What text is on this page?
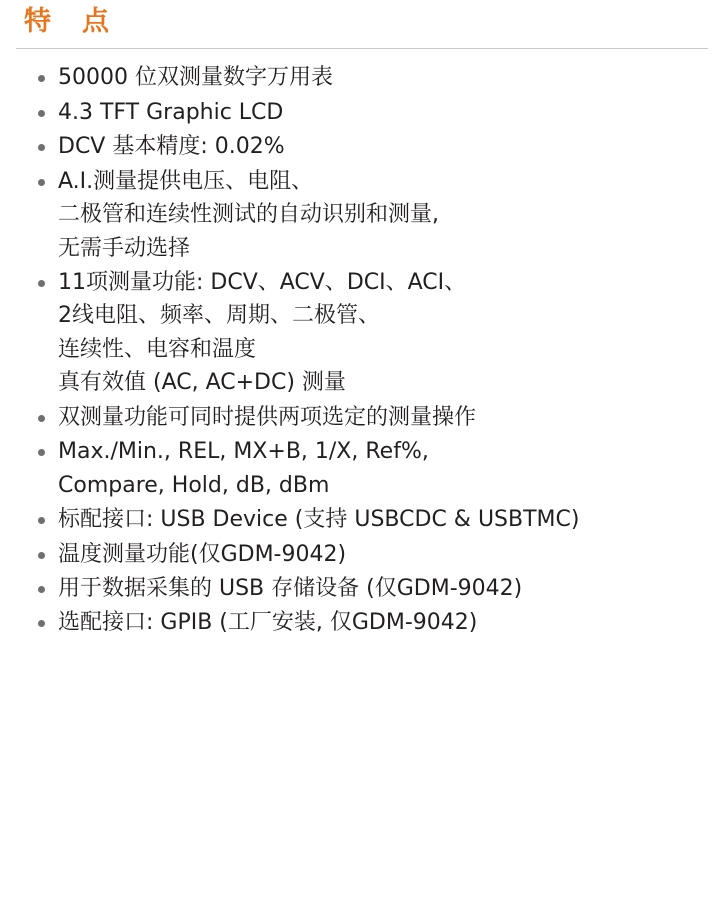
特　点
50000 位双测量数字万用表
4.3 TFT Graphic LCD
DCV 基本精度: 0.02%
A.I.测量提供电压、电阻、
二极管和连续性测试的自动识别和测量,
无需手动选择
11项测量功能: DCV、ACV、DCI、ACI、
2线电阻、频率、周期、二极管、
连续性、电容和温度
真有效值 (AC, AC+DC) 测量
双测量功能可同时提供两项选定的测量操作
Max./Min., REL, MX+B, 1/X, Ref%,
Compare, Hold, dB, dBm
标配接口: USB Device (支持 USBCDC & USBTMC)
温度测量功能(仅GDM-9042)
用于数据采集的 USB 存储设备 (仅GDM-9042)
选配接口: GPIB (工厂安装, 仅GDM-9042)
